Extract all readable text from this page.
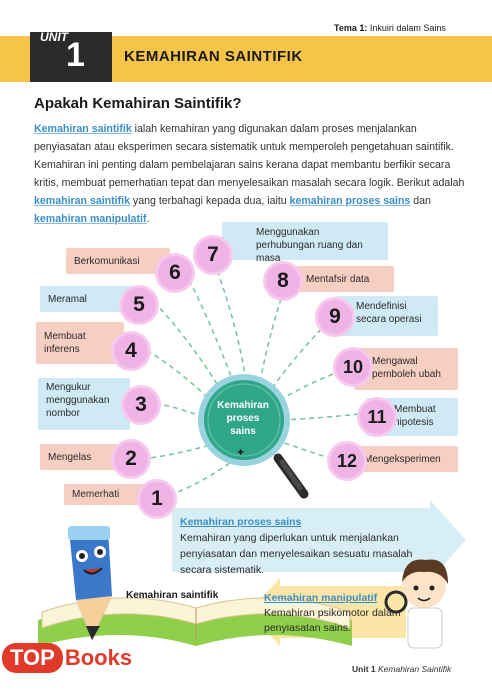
UNIT
1	KEMAHIRAN SAINTIFIK
Tema 1: Inkuiri dalam Sains
Apakah Kemahiran Saintifik?
Kemahiran saintifik ialah kemahiran yang digunakan dalam proses menjalankan penyiasatan atau eksperimen secara sistematik untuk memperoleh pengetahuan saintifik. Kemahiran ini penting dalam pembelajaran sains kerana dapat membantu berfikir secara kritis, membuat pemerhatian tepat dan menyelesaikan masalah secara logik. Berikut adalah kemahiran saintifik yang terbahagi kepada dua, iaitu kemahiran proses sains dan kemahiran manipulatif.
Kemahiran proses sains
✦
Memerhati	1
Mengelas	2
Mengukur menggunakan nombor	3
Membuat inferens	4
Meramal	5
Berkomunikasi	6
Menggunakan perhubungan ruang dan masa
7
Mentafsir data
8
Mendefinisi secara operasi
9
Mengawal pemboleh ubah
10
Membuat hipotesis
11
Mengeksperimen
12
Kemahiran proses sains
Kemahiran yang diperlukan untuk menjalankan penyiasatan dan menyelesaikan sesuatu masalah secara sistematik.
Kemahiran saintifik	Kemahiran manipulatif
Kemahiran psikomotor dalam penyiasatan sains.
Unit 1 Kemahiran Saintifik
TOP Books
